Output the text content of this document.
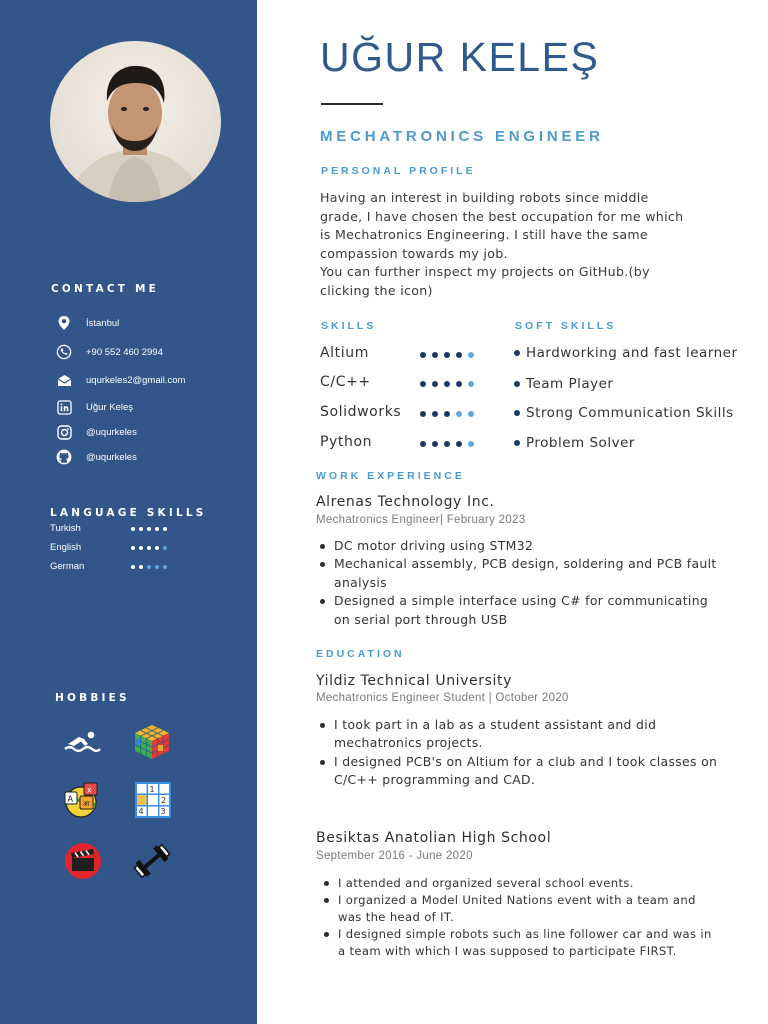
CONTACT ME
İstanbul
+90 552 460 2994
uqurkeles2@gmail.com
Uğur Keleş
@uqurkeles
@uqurkeles
LANGUAGE SKILLS
Turkish
English
German
HOBBIES
A
x
आ
1
2
3
4
UĞUR KELEŞ
MECHATRONICS ENGINEER
PERSONAL PROFILE
Having an interest in building robots since middle
grade, I have chosen the best occupation for me which
is Mechatronics Engineering. I still have the same
compassion towards my job.
You can further inspect my projects on GitHub.(by
clicking the icon)
SKILLS	SOFT SKILLS
Altium
C/C++
Solidworks
Python
Hardworking and fast learner
Team Player
Strong Communication Skills
Problem Solver
WORK EXPERIENCE
Alrenas Technology Inc.
Mechatronics Engineer| February 2023
DC motor driving using STM32
Mechanical assembly, PCB design, soldering and PCB fault analysis
Designed a simple interface using C# for communicating on serial port through USB
EDUCATION
Yildiz Technical University
Mechatronics Engineer Student | October 2020
I took part in a lab as a student assistant and did mechatronics projects.
I designed PCB's on Altium for a club and I took classes on C/C++ programming and CAD.
Besiktas Anatolian High School
September 2016 - June 2020
I attended and organized several school events.
I organized a Model United Nations event with a team and was the head of IT.
I designed simple robots such as line follower car and was in a team with which I was supposed to participate FIRST.
